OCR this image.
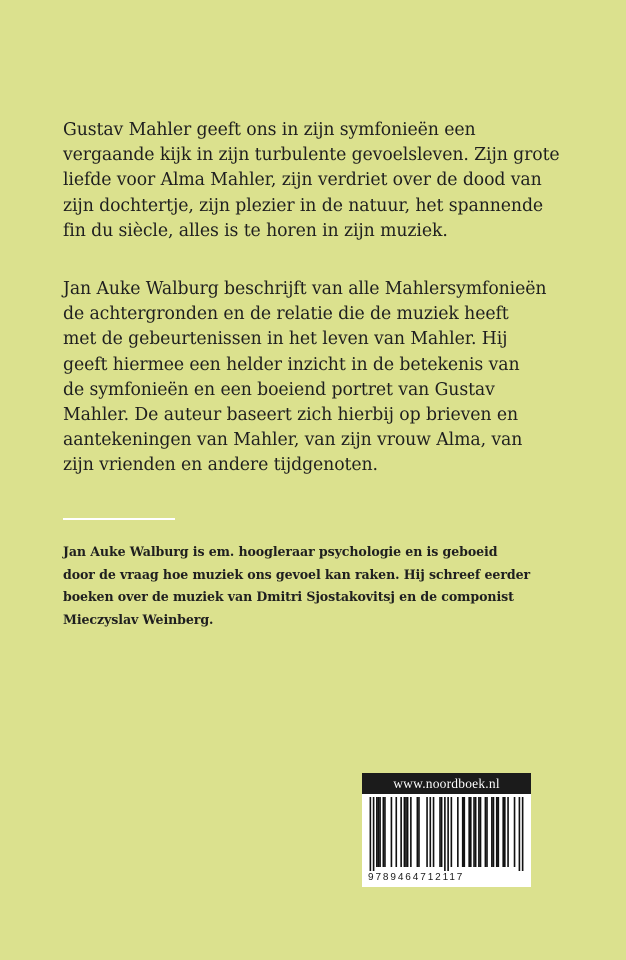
Gustav Mahler geeft ons in zijn symfonieën een
vergaande kijk in zijn turbulente gevoelsleven. Zijn grote
liefde voor Alma Mahler, zijn verdriet over de dood van
zijn dochtertje, zijn plezier in de natuur, het spannende
fin du siècle, alles is te horen in zijn muziek.

Jan Auke Walburg beschrijft van alle Mahlersymfonieën
de achtergronden en de relatie die de muziek heeft
met de gebeurtenissen in het leven van Mahler. Hij
geeft hiermee een helder inzicht in de betekenis van
de symfonieën en een boeiend portret van Gustav
Mahler. De auteur baseert zich hierbij op brieven en
aantekeningen van Mahler, van zijn vrouw Alma, van
zijn vrienden en andere tijdgenoten.

Jan Auke Walburg is em. hoogleraar psychologie en is geboeid
door de vraag hoe muziek ons gevoel kan raken. Hij schreef eerder
boeken over de muziek van Dmitri Sjostakovitsj en de componist
Mieczyslav Weinberg.

www.noordboek.nl
9789464712117
